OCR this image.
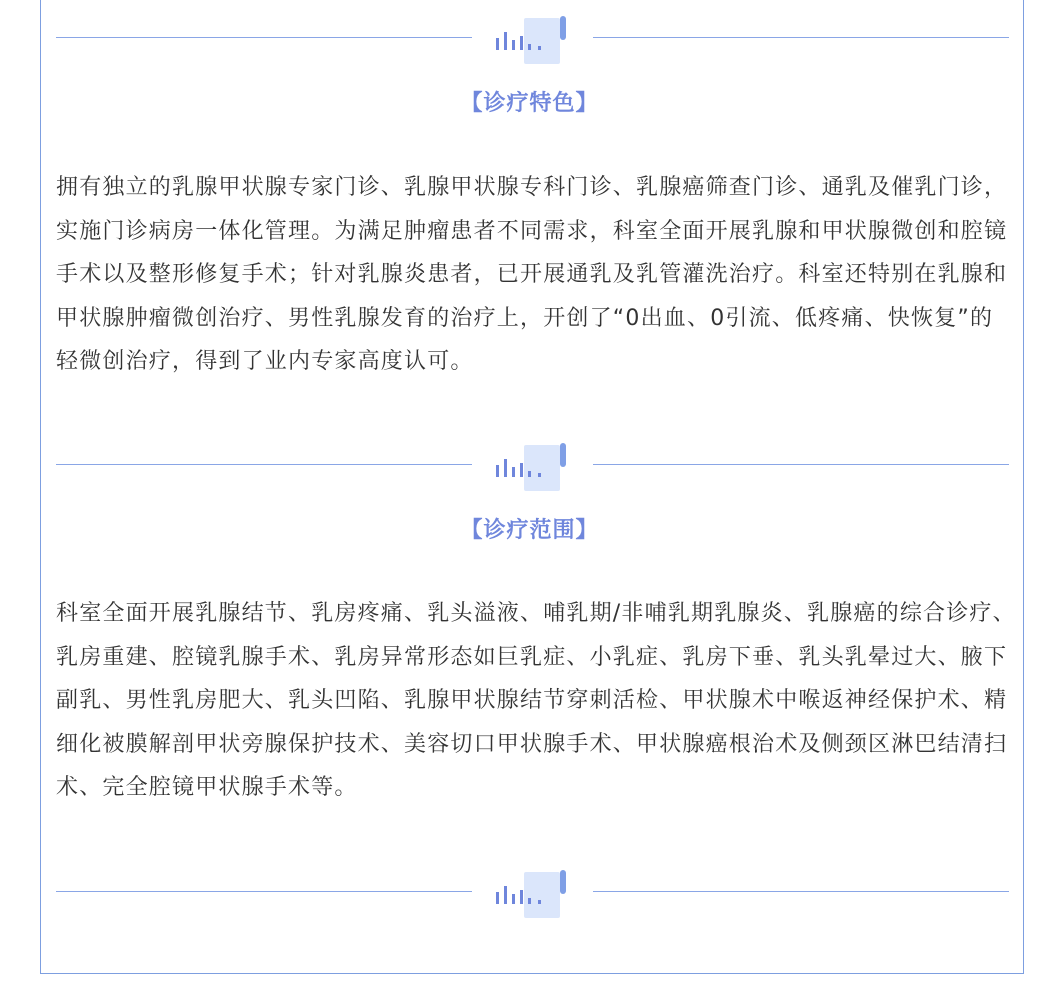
【诊疗特色】

拥有独立的乳腺甲状腺专家门诊、乳腺甲状腺专科门诊、乳腺癌筛查门诊、通乳及催乳门诊，实施门诊病房一体化管理。为满足肿瘤患者不同需求，科室全面开展乳腺和甲状腺微创和腔镜手术以及整形修复手术；针对乳腺炎患者，已开展通乳及乳管灌洗治疗。科室还特别在乳腺和甲状腺肿瘤微创治疗、男性乳腺发育的治疗上，开创了“0出血、0引流、低疼痛、快恢复”的轻微创治疗，得到了业内专家高度认可。

【诊疗范围】

科室全面开展乳腺结节、乳房疼痛、乳头溢液、哺乳期/非哺乳期乳腺炎、乳腺癌的综合诊疗、乳房重建、腔镜乳腺手术、乳房异常形态如巨乳症、小乳症、乳房下垂、乳头乳晕过大、腋下副乳、男性乳房肥大、乳头凹陷、乳腺甲状腺结节穿刺活检、甲状腺术中喉返神经保护术、精细化被膜解剖甲状旁腺保护技术、美容切口甲状腺手术、甲状腺癌根治术及侧颈区淋巴结清扫术、完全腔镜甲状腺手术等。
